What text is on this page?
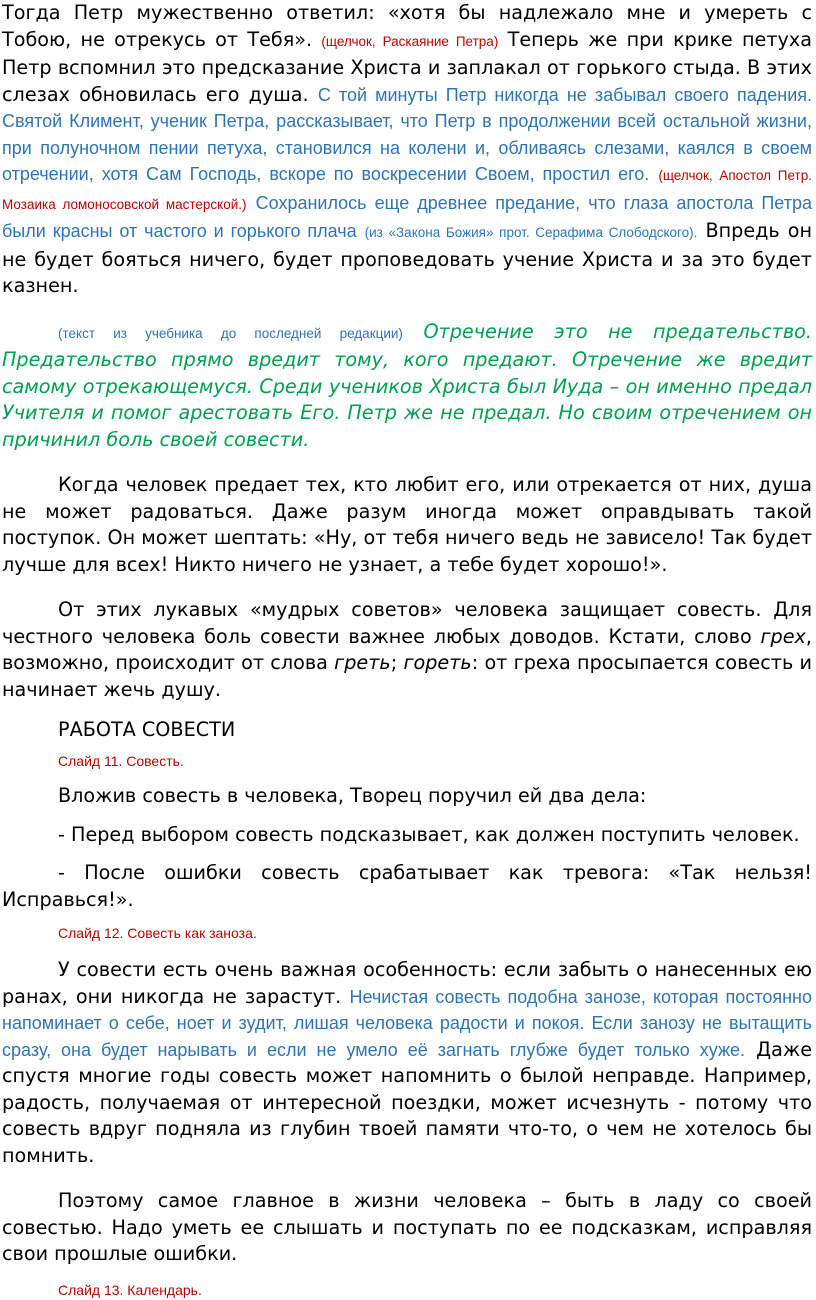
Тогда Петр мужественно ответил: «хотя бы надлежало мне и умереть с Тобою, не отрекусь от Тебя». (щелчок, Раскаяние Петра) Теперь же при крике петуха Петр вспомнил это предсказание Христа и заплакал от горького стыда. В этих слезах обновилась его душа. С той минуты Петр никогда не забывал своего падения. Святой Климент, ученик Петра, рассказывает, что Петр в продолжении всей остальной жизни, при полуночном пении петуха, становился на колени и, обливаясь слезами, каялся в своем отречении, хотя Сам Господь, вскоре по воскресении Своем, простил его. (щелчок, Апостол Петр. Мозаика ломоносовской мастерской.) Сохранилось еще древнее предание, что глаза апостола Петра были красны от частого и горького плача (из «Закона Божия» прот. Серафима Слободского). Впредь он не будет бояться ничего, будет проповедовать учение Христа и за это будет казнен.

(текст из учебника до последней редакции) Отречение это не предательство. Предательство прямо вредит тому, кого предают. Отречение же вредит самому отрекающемуся. Среди учеников Христа был Иуда – он именно предал Учителя и помог арестовать Его. Петр же не предал. Но своим отречением он причинил боль своей совести.

Когда человек предает тех, кто любит его, или отрекается от них, душа не может радоваться. Даже разум иногда может оправдывать такой поступок. Он может шептать: «Ну, от тебя ничего ведь не зависело! Так будет лучше для всех! Никто ничего не узнает, а тебе будет хорошо!».

От этих лукавых «мудрых советов» человека защищает совесть. Для честного человека боль совести важнее любых доводов. Кстати, слово грех, возможно, происходит от слова греть; гореть: от греха просыпается совесть и начинает жечь душу.

РАБОТА СОВЕСТИ

Слайд 11. Совесть.

Вложив совесть в человека, Творец поручил ей два дела:

- Перед выбором совесть подсказывает, как должен поступить человек.

- После ошибки совесть срабатывает как тревога: «Так нельзя! Исправься!».

Слайд 12. Совесть как заноза.

У совести есть очень важная особенность: если забыть о нанесенных ею ранах, они никогда не зарастут. Нечистая совесть подобна занозе, которая постоянно напоминает о себе, ноет и зудит, лишая человека радости и покоя. Если занозу не вытащить сразу, она будет нарывать и если не умело её загнать глубже будет только хуже. Даже спустя многие годы совесть может напомнить о былой неправде. Например, радость, получаемая от интересной поездки, может исчезнуть - потому что совесть вдруг подняла из глубин твоей памяти что-то, о чем не хотелось бы помнить.

Поэтому самое главное в жизни человека – быть в ладу со своей совестью. Надо уметь ее слышать и поступать по ее подсказкам, исправляя свои прошлые ошибки.

Слайд 13. Календарь.
